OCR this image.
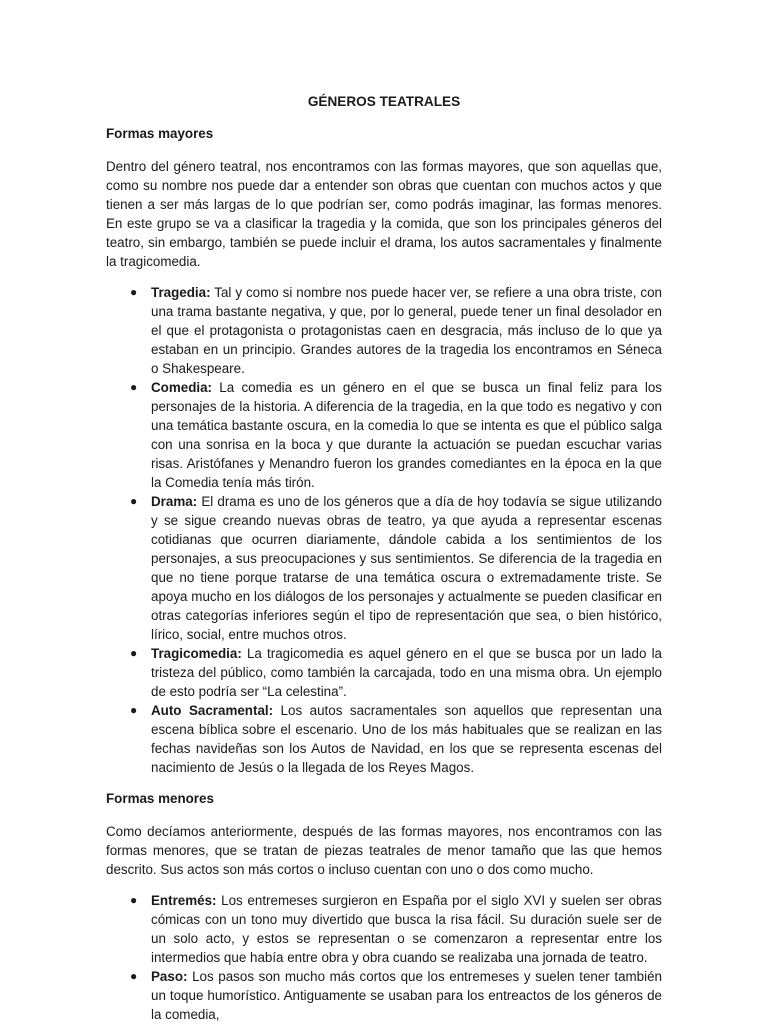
GÉNEROS TEATRALES
Formas mayores

Dentro del género teatral, nos encontramos con las formas mayores, que son aquellas que, como su nombre nos puede dar a entender son obras que cuentan con muchos actos y que tienen a ser más largas de lo que podrían ser, como podrás imaginar, las formas menores. En este grupo se va a clasificar la tragedia y la comida, que son los principales géneros del teatro, sin embargo, también se puede incluir el drama, los autos sacramentales y finalmente la tragicomedia.

● Tragedia: Tal y como si nombre nos puede hacer ver, se refiere a una obra triste, con una trama bastante negativa, y que, por lo general, puede tener un final desolador en el que el protagonista o protagonistas caen en desgracia, más incluso de lo que ya estaban en un principio. Grandes autores de la tragedia los encontramos en Séneca o Shakespeare.
● Comedia: La comedia es un género en el que se busca un final feliz para los personajes de la historia. A diferencia de la tragedia, en la que todo es negativo y con una temática bastante oscura, en la comedia lo que se intenta es que el público salga con una sonrisa en la boca y que durante la actuación se puedan escuchar varias risas. Aristófanes y Menandro fueron los grandes comediantes en la época en la que la Comedia tenía más tirón.
● Drama: El drama es uno de los géneros que a día de hoy todavía se sigue utilizando y se sigue creando nuevas obras de teatro, ya que ayuda a representar escenas cotidianas que ocurren diariamente, dándole cabida a los sentimientos de los personajes, a sus preocupaciones y sus sentimientos. Se diferencia de la tragedia en que no tiene porque tratarse de una temática oscura o extremadamente triste. Se apoya mucho en los diálogos de los personajes y actualmente se pueden clasificar en otras categorías inferiores según el tipo de representación que sea, o bien histórico, lírico, social, entre muchos otros.
● Tragicomedia: La tragicomedia es aquel género en el que se busca por un lado la tristeza del público, como también la carcajada, todo en una misma obra. Un ejemplo de esto podría ser “La celestina”.
● Auto Sacramental: Los autos sacramentales son aquellos que representan una escena bíblica sobre el escenario. Uno de los más habituales que se realizan en las fechas navideñas son los Autos de Navidad, en los que se representa escenas del nacimiento de Jesús o la llegada de los Reyes Magos.
Formas menores

Como decíamos anteriormente, después de las formas mayores, nos encontramos con las formas menores, que se tratan de piezas teatrales de menor tamaño que las que hemos descrito. Sus actos son más cortos o incluso cuentan con uno o dos como mucho.

● Entremés: Los entremeses surgieron en España por el siglo XVI y suelen ser obras cómicas con un tono muy divertido que busca la risa fácil. Su duración suele ser de un solo acto, y estos se representan o se comenzaron a representar entre los intermedios que había entre obra y obra cuando se realizaba una jornada de teatro.
● Paso: Los pasos son mucho más cortos que los entremeses y suelen tener también un toque humorístico. Antiguamente se usaban para los entreactos de los géneros de la comedia,
